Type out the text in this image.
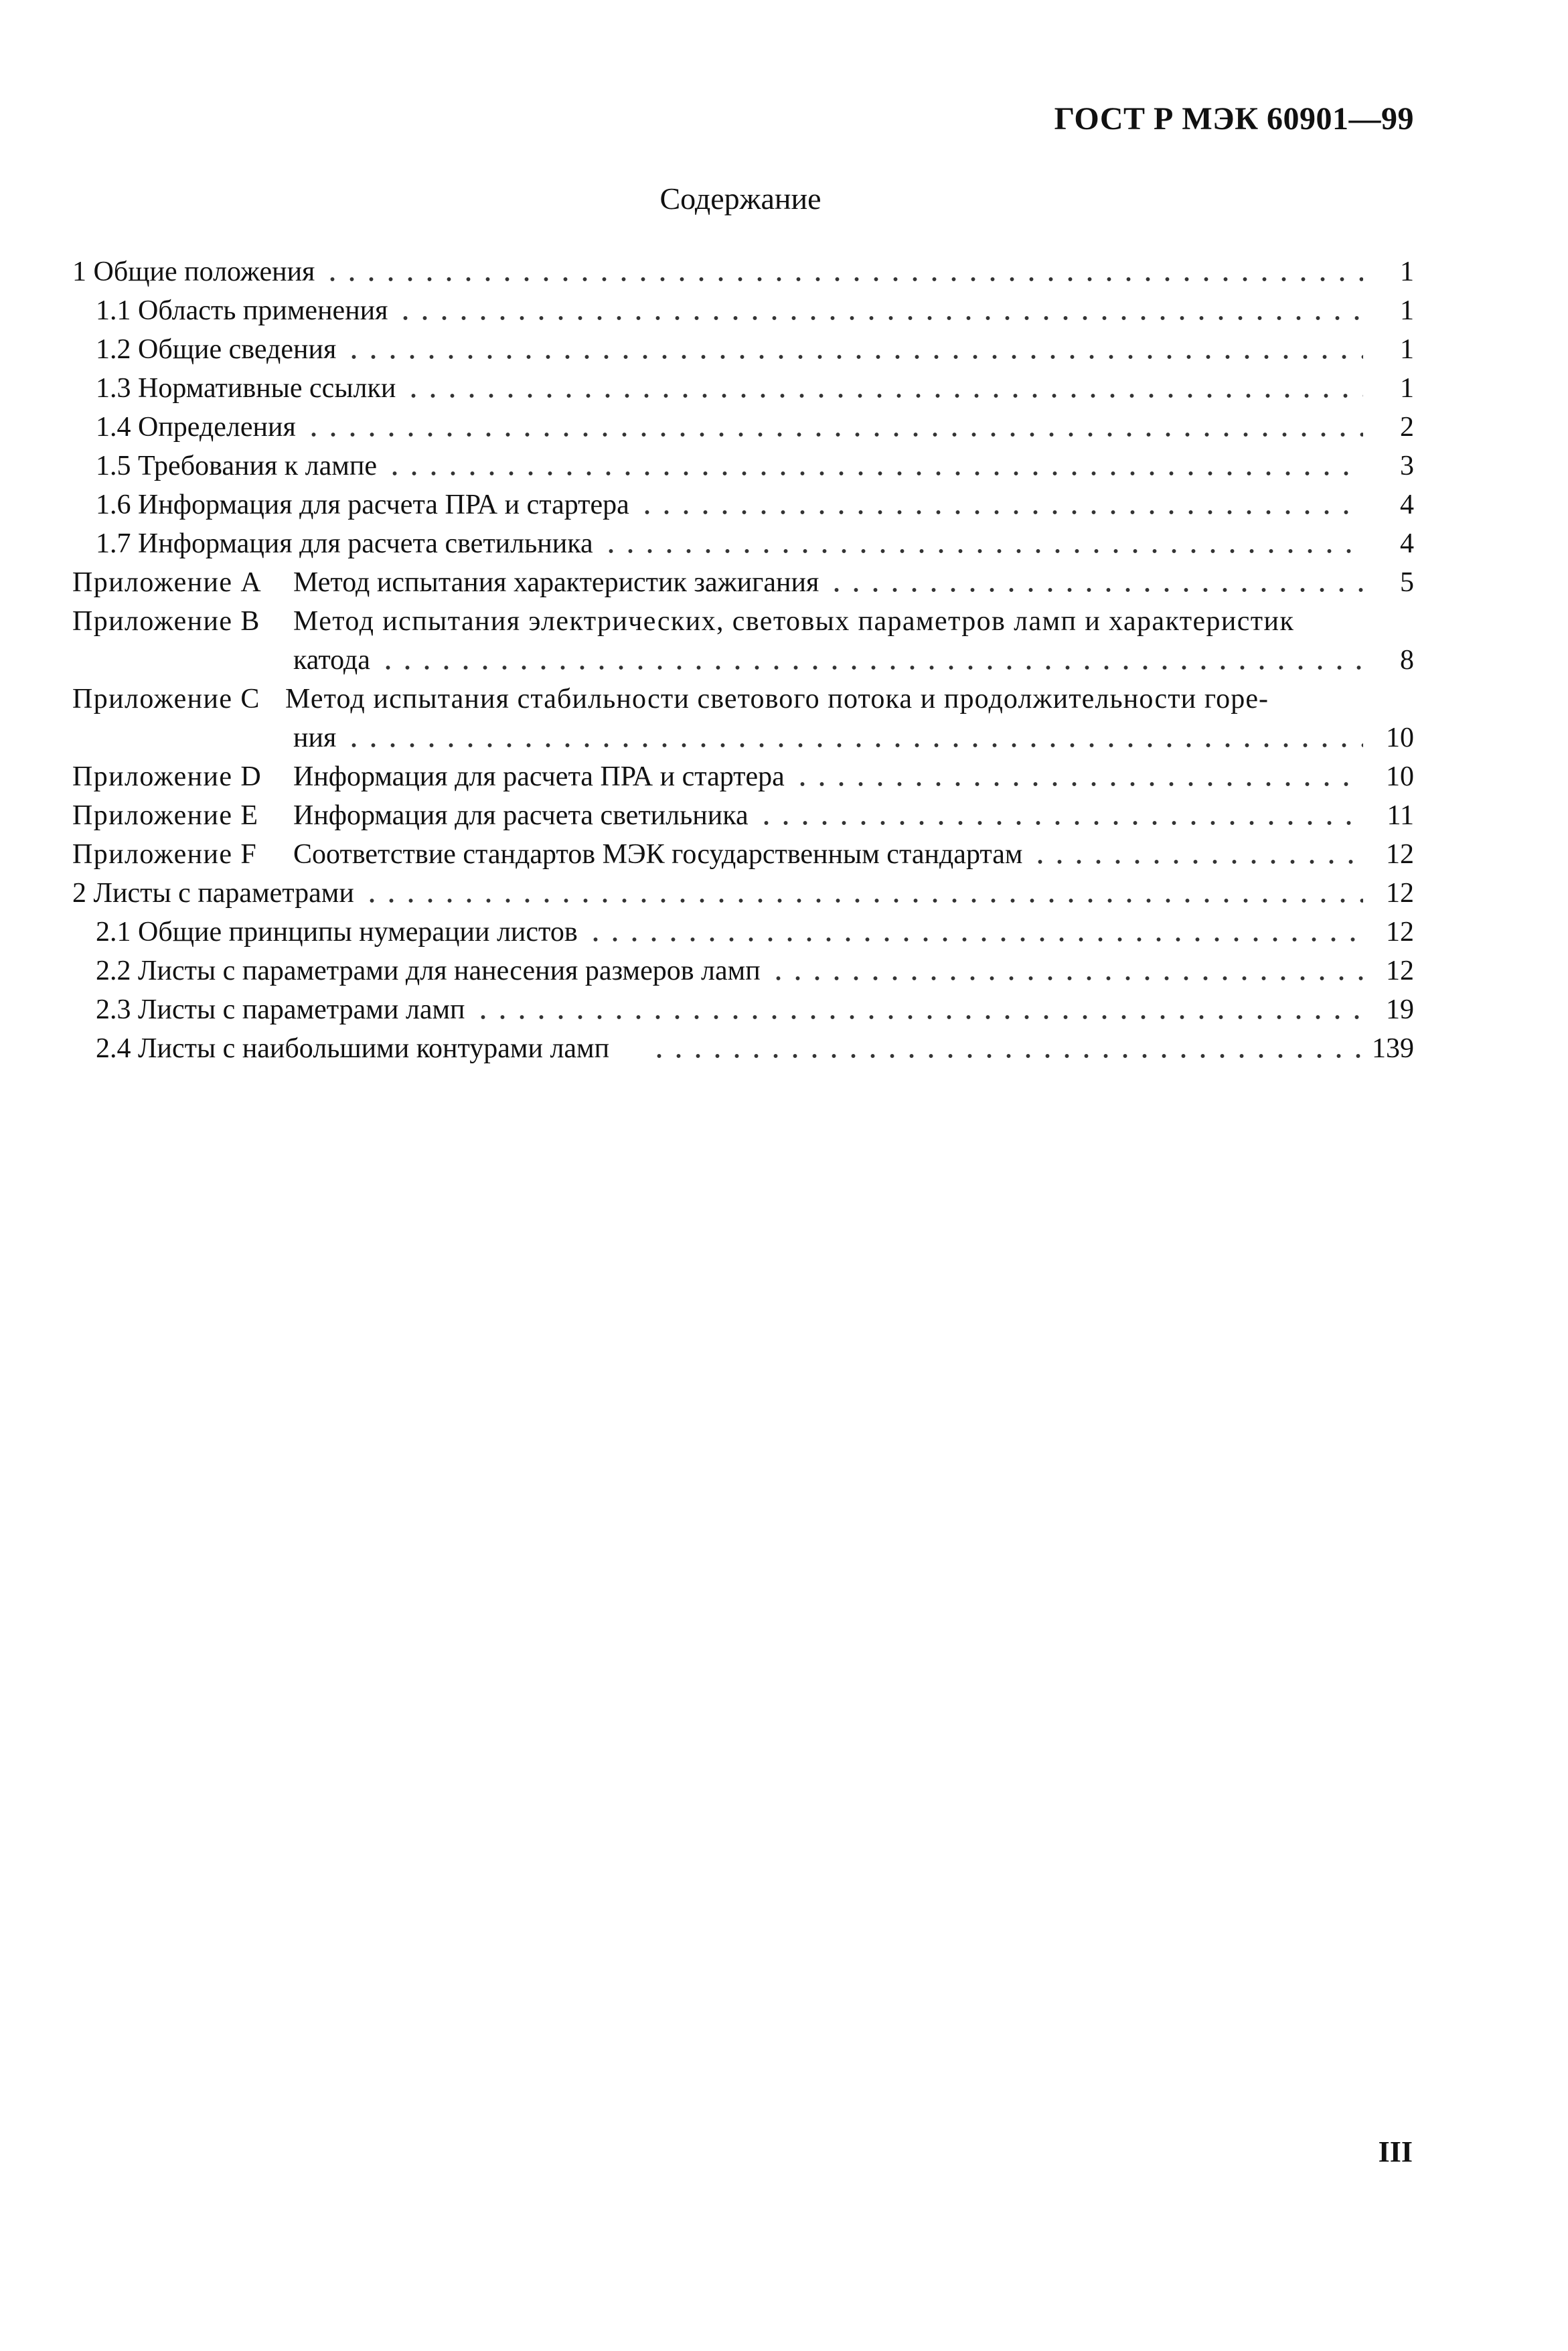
ГОСТ Р МЭК 60901—99

Содержание
1 Общие положения	1
1.1 Область применения	1
1.2 Общие сведения	1
1.3 Нормативные ссылки	1
1.4 Определения	2
1.5 Требования к лампе	3
1.6 Информация для расчета ПРА и стартера	4
1.7 Информация для расчета светильника	4
Приложение А	Метод испытания характеристик зажигания	5
Приложение В	Метод испытания электрических, световых параметров ламп и характеристик
катода	8
Приложение С Метод испытания стабильности светового потока и продолжительности горе-
ния	10
Приложение D	Информация для расчета ПРА и стартера	10
Приложение Е	Информация для расчета светильника	11
Приложение F	Соответствие стандартов МЭК государственным стандартам	12
2 Листы с параметрами	12
2.1 Общие принципы нумерации листов	12
2.2 Листы с параметрами для нанесения размеров ламп	12
2.3 Листы с параметрами ламп	19
2.4 Листы с наибольшими контурами ламп	139

III
